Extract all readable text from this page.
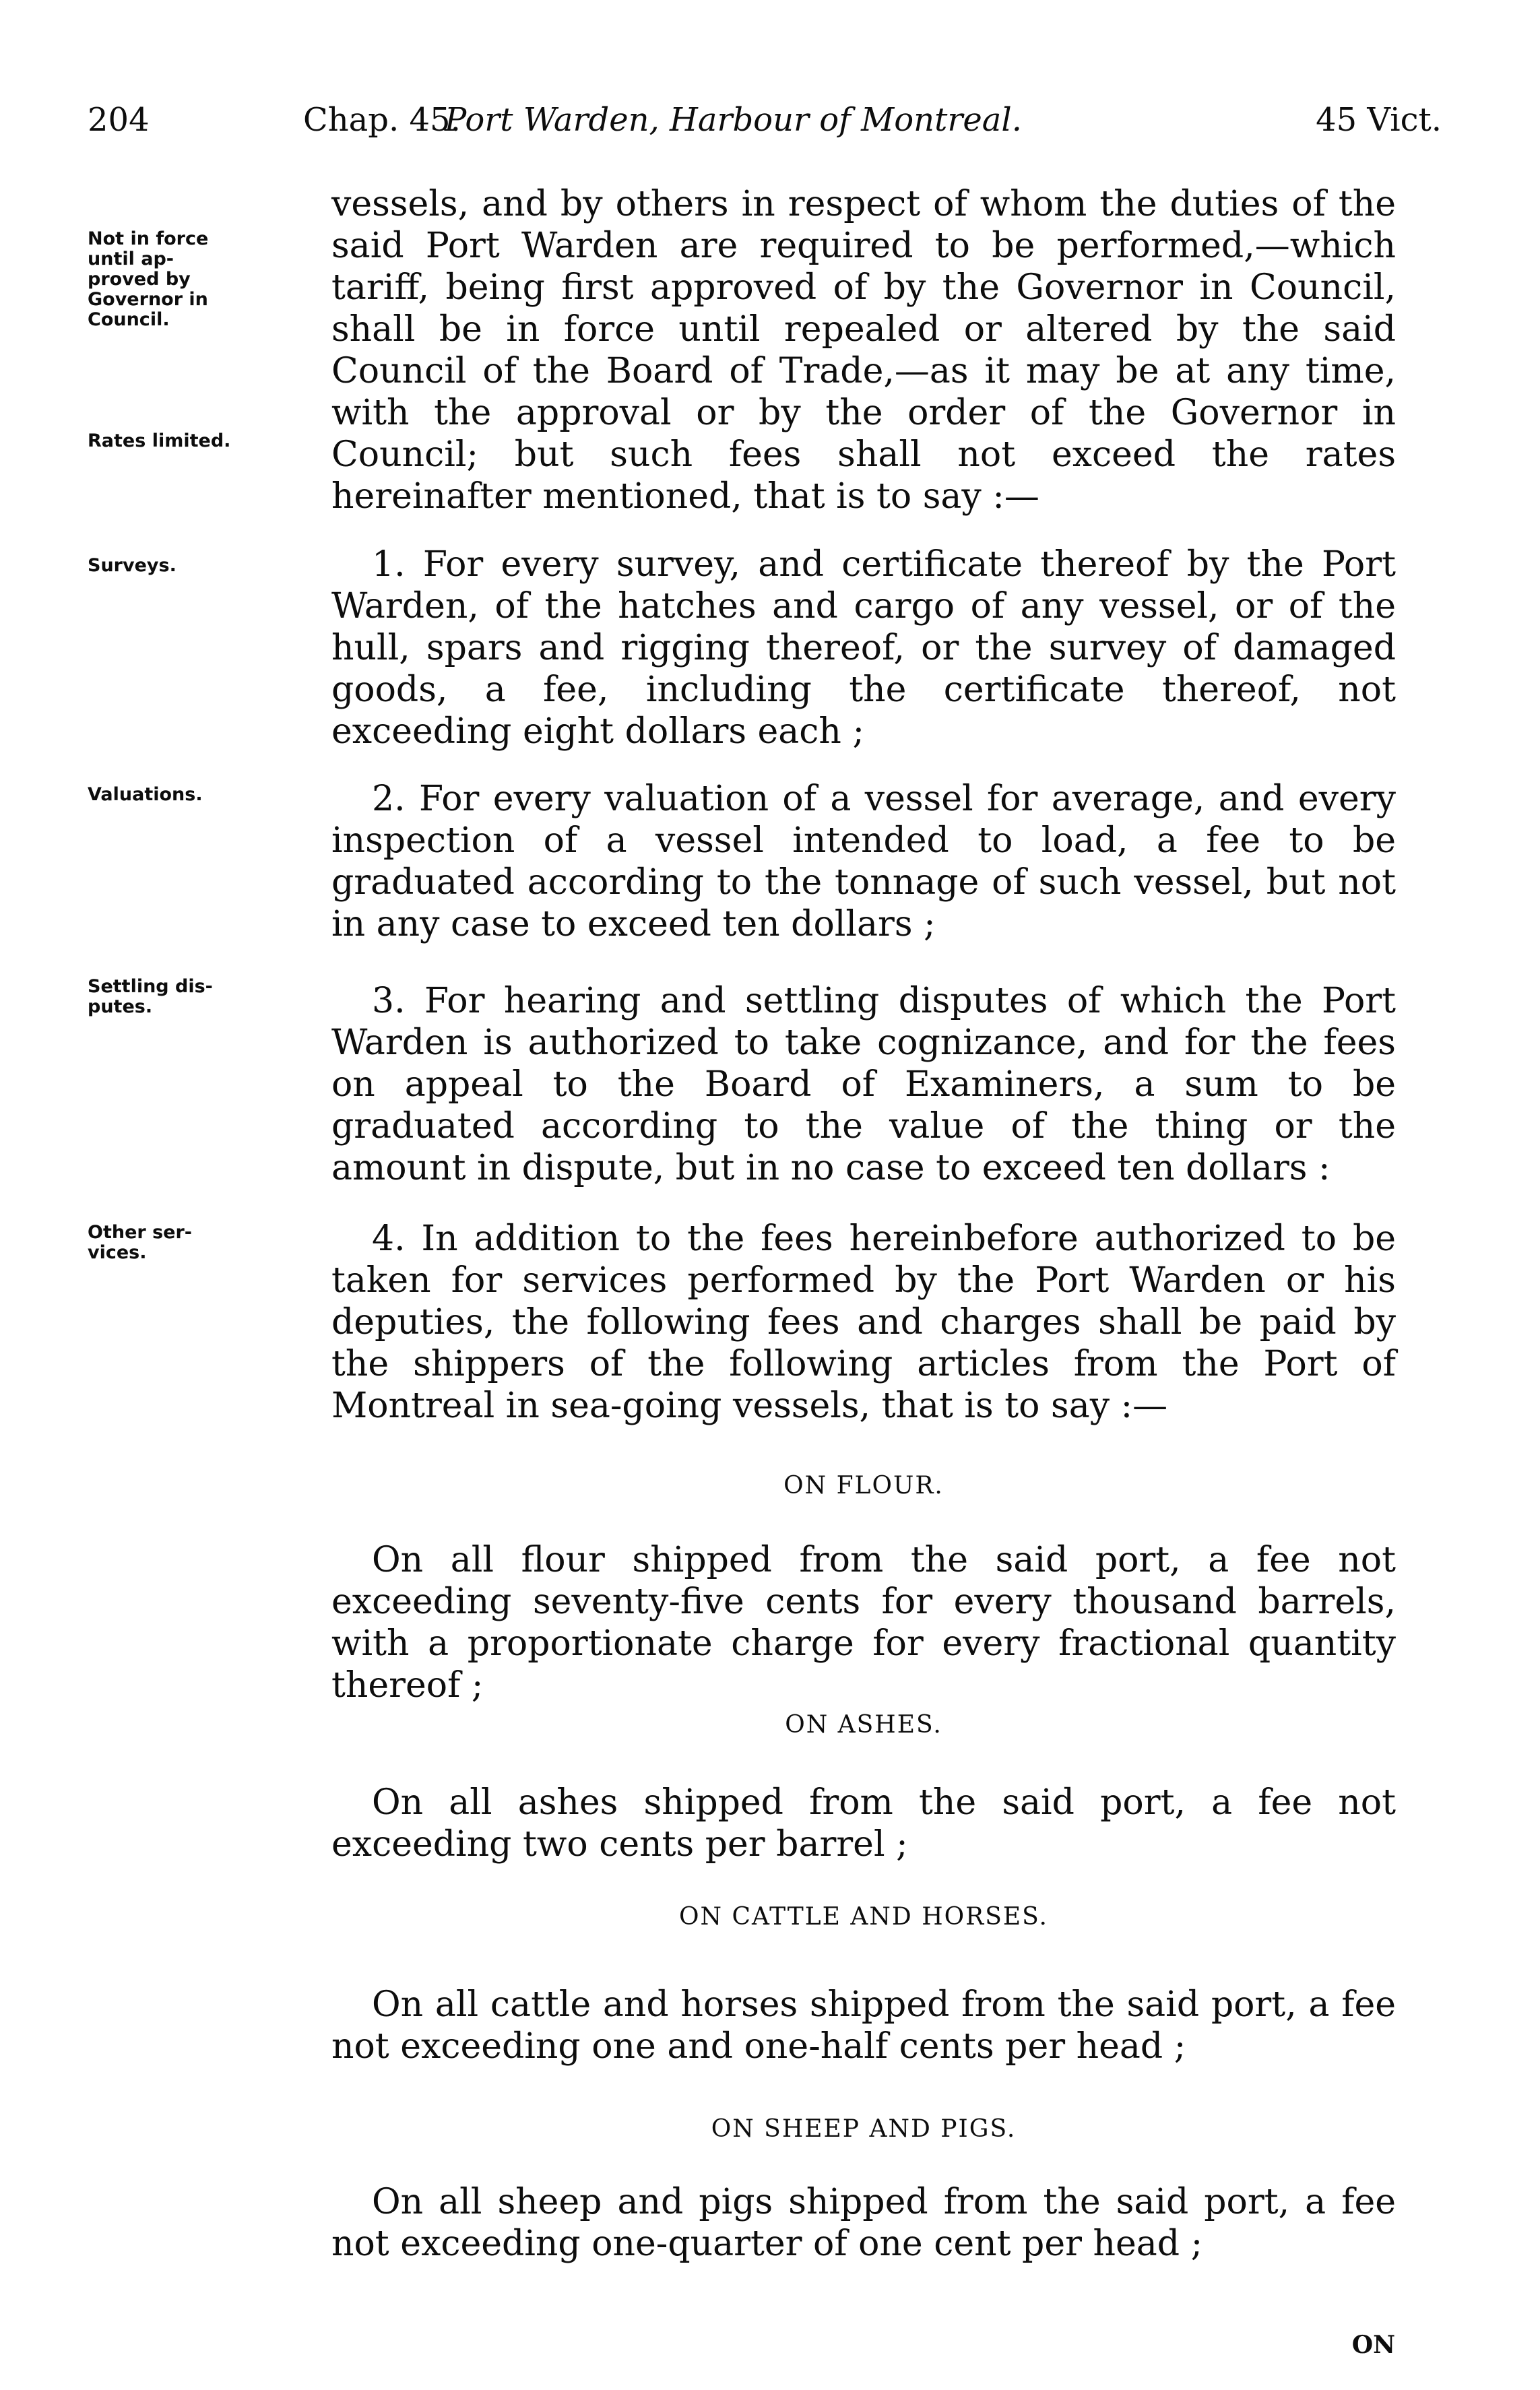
204	Chap. 45.
Port Warden, Harbour of Montreal.	45 Vict.
Not in force
until ap-
proved by
Governor in
Council.
Rates limited.
Surveys.
Valuations.
Settling dis-
putes.
Other ser-
vices.
vessels, and by others in respect of whom the duties of the said Port Warden are required to be performed,—which tariff, being first approved of by the Governor in Council, shall be in force until repealed or altered by the said Council of the Board of Trade,—as it may be at any time, with the approval or by the order of the Governor in Council; but such fees shall not exceed the rates hereinafter mentioned, that is to say :—
1. For every survey, and certificate thereof by the Port Warden, of the hatches and cargo of any vessel, or of the hull, spars and rigging thereof, or the survey of damaged goods, a fee, including the certificate thereof, not exceeding eight dollars each ;
2. For every valuation of a vessel for average, and every inspection of a vessel intended to load, a fee to be graduated according to the tonnage of such vessel, but not in any case to exceed ten dollars ;
3. For hearing and settling disputes of which the Port Warden is authorized to take cognizance, and for the fees on appeal to the Board of Examiners, a sum to be graduated according to the value of the thing or the amount in dispute, but in no case to exceed ten dollars :
4. In addition to the fees hereinbefore authorized to be taken for services performed by the Port Warden or his deputies, the following fees and charges shall be paid by the shippers of the following articles from the Port of Montreal in sea-going vessels, that is to say :—
ON FLOUR.
On all flour shipped from the said port, a fee not exceeding seventy-five cents for every thousand barrels, with a proportionate charge for every fractional quantity thereof ;
ON ASHES.
On all ashes shipped from the said port, a fee not exceeding two cents per barrel ;
ON CATTLE AND HORSES.
On all cattle and horses shipped from the said port, a fee not exceeding one and one-half cents per head ;
ON SHEEP AND PIGS.
On all sheep and pigs shipped from the said port, a fee not exceeding one-quarter of one cent per head ;
ON
